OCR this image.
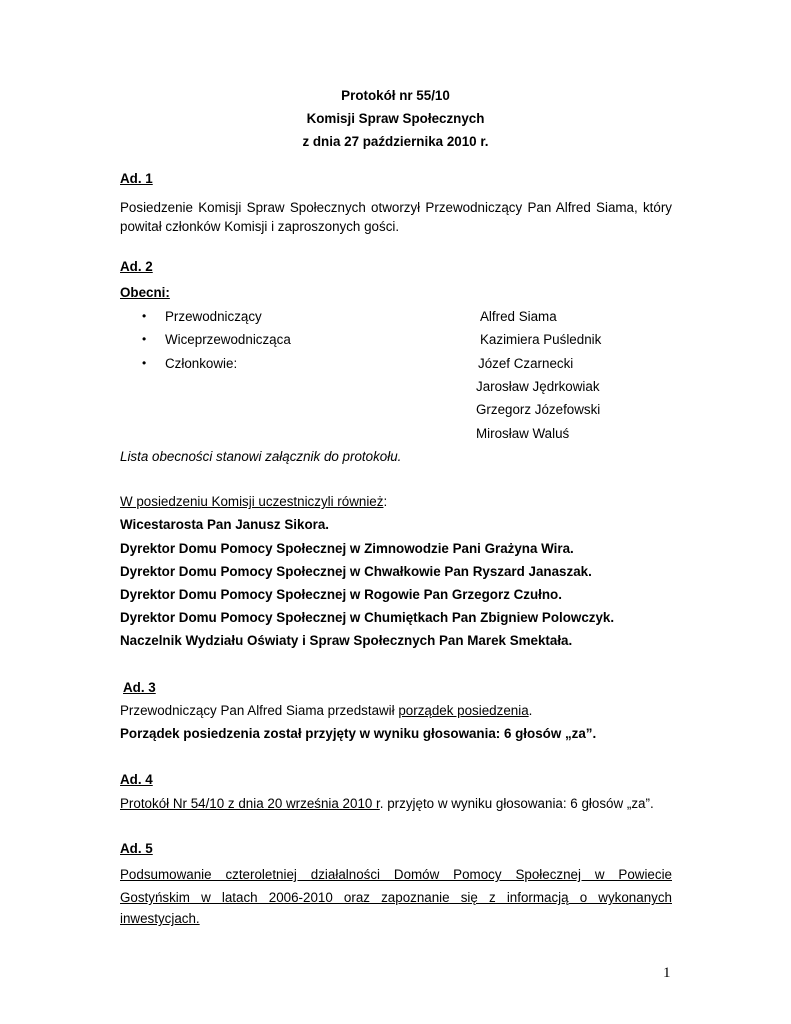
Protokół nr 55/10
Komisji Spraw Społecznych
z dnia 27 października 2010 r.
Ad. 1
Posiedzenie Komisji Spraw Społecznych otworzył Przewodniczący Pan Alfred Siama, który
powitał członków Komisji i zaproszonych gości.
Ad. 2
Obecni:
• Przewodniczący	Alfred Siama
• Wiceprzewodnicząca	Kazimiera Puślednik
• Członkowie:	Józef Czarnecki
Jarosław Jędrkowiak
Grzegorz Józefowski
Mirosław Waluś
Lista obecności stanowi załącznik do protokołu.
W posiedzeniu Komisji uczestniczyli również:
Wicestarosta Pan Janusz Sikora.
Dyrektor Domu Pomocy Społecznej w Zimnowodzie Pani Grażyna Wira.
Dyrektor Domu Pomocy Społecznej w Chwałkowie Pan Ryszard Janaszak.
Dyrektor Domu Pomocy Społecznej w Rogowie Pan Grzegorz Czułno.
Dyrektor Domu Pomocy Społecznej w Chumiętkach Pan Zbigniew Polowczyk.
Naczelnik Wydziału Oświaty i Spraw Społecznych Pan Marek Smektała.
Ad. 3
Przewodniczący Pan Alfred Siama przedstawił porządek posiedzenia.
Porządek posiedzenia został przyjęty w wyniku głosowania: 6 głosów „za”.
Ad. 4
Protokół Nr 54/10 z dnia 20 września 2010 r. przyjęto w wyniku głosowania: 6 głosów „za”.
Ad. 5
Podsumowanie czteroletniej działalności Domów Pomocy Społecznej w Powiecie
Gostyńskim w latach 2006-2010 oraz zapoznanie się z informacją o wykonanych
inwestycjach.
1
